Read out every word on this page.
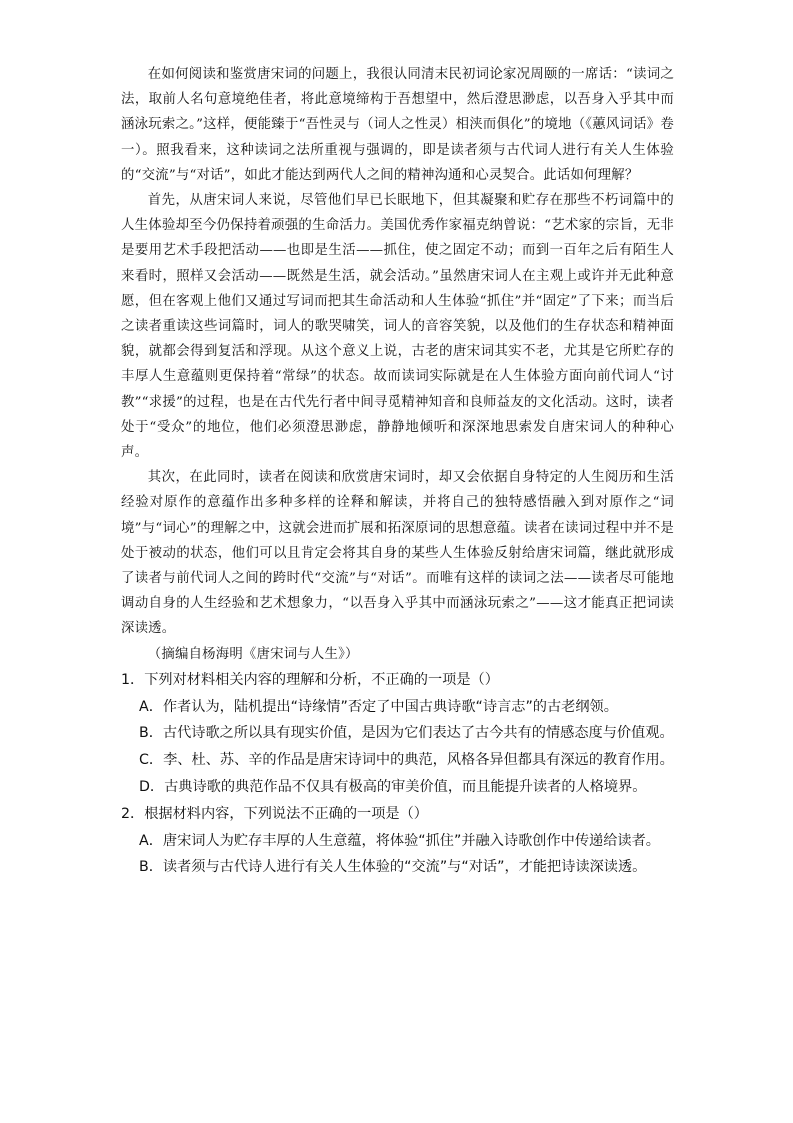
在如何阅读和鉴赏唐宋词的问题上，我很认同清末民初词论家况周颐的一席话：“读词之法，取前人名句意境绝佳者，将此意境缔构于吾想望中，然后澄思渺虑，以吾身入乎其中而涵泳玩索之。”这样，便能臻于“吾性灵与（词人之性灵）相浃而俱化”的境地（《蕙风词话》卷一）。照我看来，这种读词之法所重视与强调的，即是读者须与古代词人进行有关人生体验的“交流”与“对话”，如此才能达到两代人之间的精神沟通和心灵契合。此话如何理解？

首先，从唐宋词人来说，尽管他们早已长眠地下，但其凝聚和贮存在那些不朽词篇中的人生体验却至今仍保持着顽强的生命活力。美国优秀作家福克纳曾说：“艺术家的宗旨，无非是要用艺术手段把活动——也即是生活——抓住，使之固定不动；而到一百年之后有陌生人来看时，照样又会活动——既然是生活，就会活动。”虽然唐宋词人在主观上或许并无此种意愿，但在客观上他们又通过写词而把其生命活动和人生体验“抓住”并“固定”了下来；而当后之读者重读这些词篇时，词人的歌哭啸笑，词人的音容笑貌，以及他们的生存状态和精神面貌，就都会得到复活和浮现。从这个意义上说，古老的唐宋词其实不老，尤其是它所贮存的丰厚人生意蕴则更保持着“常绿”的状态。故而读词实际就是在人生体验方面向前代词人“讨教”“求援”的过程，也是在古代先行者中间寻觅精神知音和良师益友的文化活动。这时，读者处于“受众”的地位，他们必须澄思渺虑，静静地倾听和深深地思索发自唐宋词人的种种心声。

其次，在此同时，读者在阅读和欣赏唐宋词时，却又会依据自身特定的人生阅历和生活经验对原作的意蕴作出多种多样的诠释和解读，并将自己的独特感悟融入到对原作之“词境”与“词心”的理解之中，这就会进而扩展和拓深原词的思想意蕴。读者在读词过程中并不是处于被动的状态，他们可以且肯定会将其自身的某些人生体验反射给唐宋词篇，继此就形成了读者与前代词人之间的跨时代“交流”与“对话”。而唯有这样的读词之法——读者尽可能地调动自身的人生经验和艺术想象力，“以吾身入乎其中而涵泳玩索之”——这才能真正把词读深读透。

（摘编自杨海明《唐宋词与人生》）

1．下列对材料相关内容的理解和分析，不正确的一项是（）

A．作者认为，陆机提出“诗缘情”否定了中国古典诗歌“诗言志”的古老纲领。

B．古代诗歌之所以具有现实价值，是因为它们表达了古今共有的情感态度与价值观。

C．李、杜、苏、辛的作品是唐宋诗词中的典范，风格各异但都具有深远的教育作用。

D．古典诗歌的典范作品不仅具有极高的审美价值，而且能提升读者的人格境界。

2．根据材料内容，下列说法不正确的一项是（）

A．唐宋词人为贮存丰厚的人生意蕴，将体验“抓住”并融入诗歌创作中传递给读者。

B．读者须与古代诗人进行有关人生体验的“交流”与“对话”，才能把诗读深读透。
